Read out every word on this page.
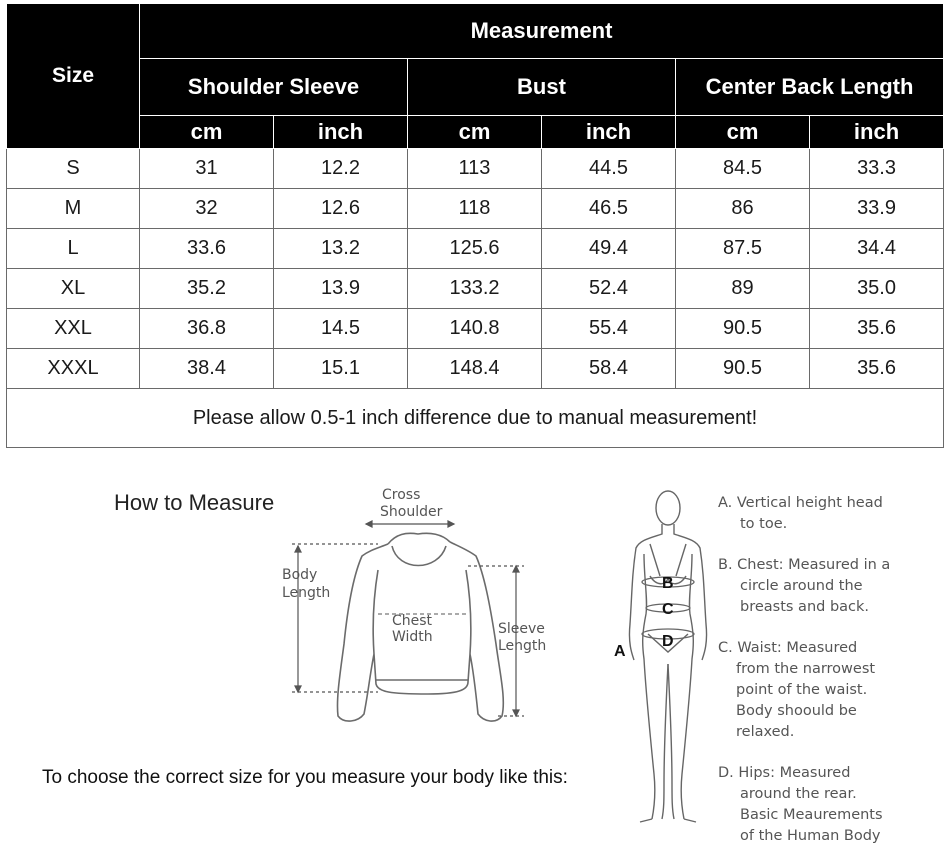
Size	Measurement					
	Shoulder Sleeve		Bust		Center Back Length	
	cm	inch	cm	inch	cm	inch
S	31	12.2	113	44.5	84.5	33.3
M	32	12.6	118	46.5	86	33.9
L	33.6	13.2	125.6	49.4	87.5	34.4
XL	35.2	13.9	133.2	52.4	89	35.0
XXL	36.8	14.5	140.8	55.4	90.5	35.6
XXXL	38.4	15.1	148.4	58.4	90.5	35.6
Please allow 0.5-1 inch difference due to manual measurement!						
How to Measure	Cross
Shoulder
Body
Length
Chest
Width	Sleeve
Length
B
C
D
A
A. Vertical height head
to toe.
B. Chest: Measured in a
circle around the
breasts and back.
C. Waist: Measured
from the narrowest
point of the waist.
Body shoould be
relaxed.
D. Hips: Measured
around the rear.
Basic Meaurements
of the Human Body
To choose the correct size for you measure your body like this:
